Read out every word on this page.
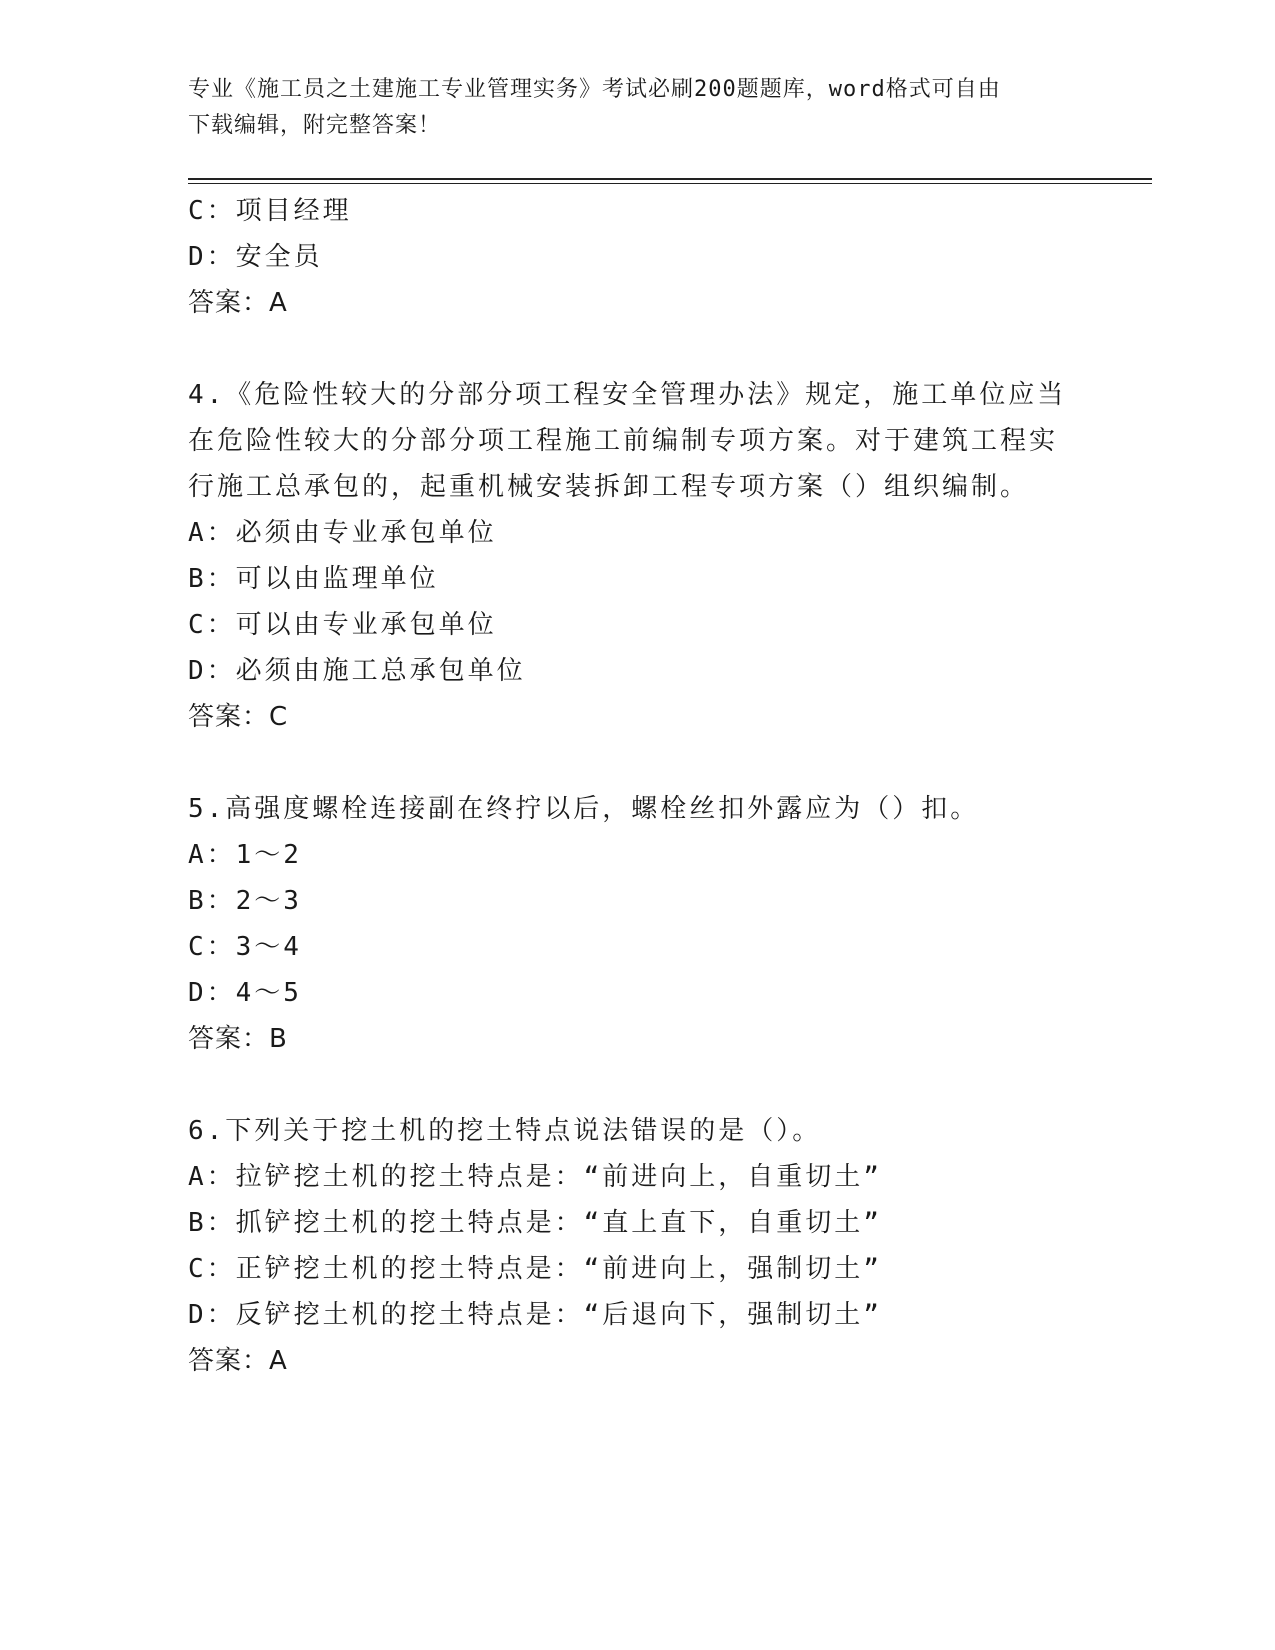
专业《施工员之土建施工专业管理实务》考试必刷200题题库，word格式可自由
下载编辑，附完整答案！
C：项目经理
D：安全员
答案：A
4.《危险性较大的分部分项工程安全管理办法》规定，施工单位应当
在危险性较大的分部分项工程施工前编制专项方案。对于建筑工程实
行施工总承包的，起重机械安装拆卸工程专项方案（）组织编制。
A：必须由专业承包单位
B：可以由监理单位
C：可以由专业承包单位
D：必须由施工总承包单位
答案：C
5.高强度螺栓连接副在终拧以后，螺栓丝扣外露应为（）扣。
A：1～2
B：2～3
C：3～4
D：4～5
答案：B
6.下列关于挖土机的挖土特点说法错误的是（）。
A：拉铲挖土机的挖土特点是：“前进向上，自重切土”
B：抓铲挖土机的挖土特点是：“直上直下，自重切土”
C：正铲挖土机的挖土特点是：“前进向上，强制切土”
D：反铲挖土机的挖土特点是：“后退向下，强制切土”
答案：A
